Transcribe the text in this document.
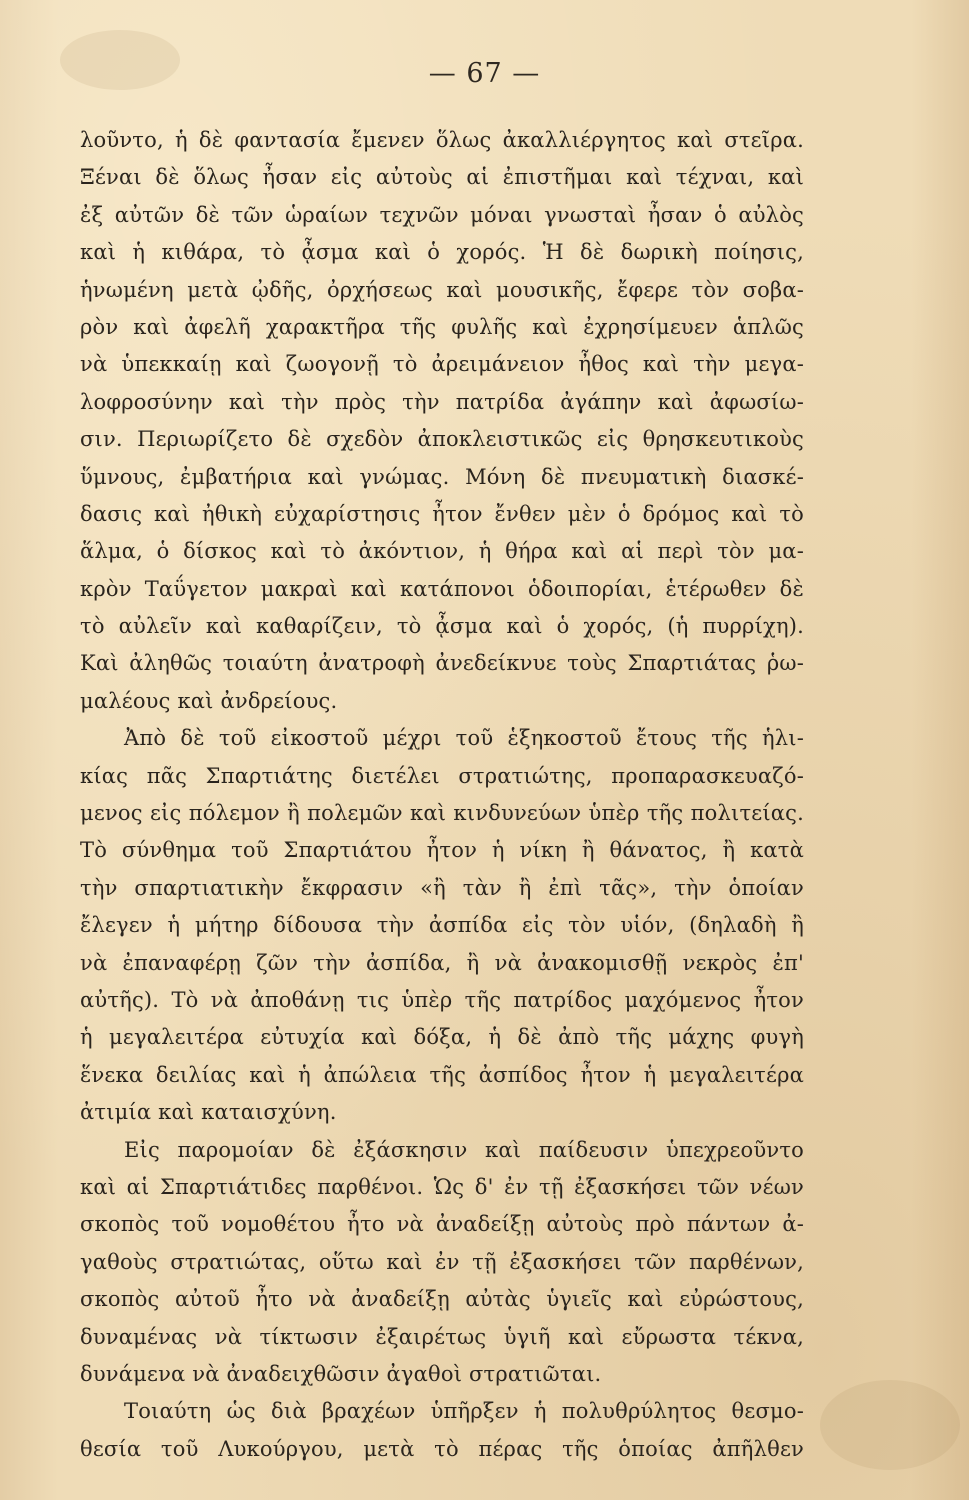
— 67 —
λοῦντο, ἡ δὲ φαντασία ἔμενεν ὅλως ἀκαλλιέργητος καὶ στεῖρα.
Ξέναι δὲ ὅλως ἦσαν εἰς αὐτοὺς αἱ ἐπιστῆμαι καὶ τέχναι, καὶ
ἐξ αὐτῶν δὲ τῶν ὡραίων τεχνῶν μόναι γνωσταὶ ἦσαν ὁ αὐλὸς
καὶ ἡ κιθάρα, τὸ ᾆσμα καὶ ὁ χορός. Ἡ δὲ δωρικὴ ποίησις,
ἡνωμένη μετὰ ᾠδῆς, ὀρχήσεως καὶ μουσικῆς, ἔφερε τὸν σοβα-
ρὸν καὶ ἀφελῆ χαρακτῆρα τῆς φυλῆς καὶ ἐχρησίμευεν ἁπλῶς
νὰ ὑπεκκαίῃ καὶ ζωογονῇ τὸ ἀρειμάνειον ἦθος καὶ τὴν μεγα-
λοφροσύνην καὶ τὴν πρὸς τὴν πατρίδα ἀγάπην καὶ ἀφωσίω-
σιν. Περιωρίζετο δὲ σχεδὸν ἀποκλειστικῶς εἰς θρησκευτικοὺς
ὕμνους, ἐμβατήρια καὶ γνώμας. Μόνη δὲ πνευματικὴ διασκέ-
δασις καὶ ἠθικὴ εὐχαρίστησις ἦτον ἔνθεν μὲν ὁ δρόμος καὶ τὸ
ἅλμα, ὁ δίσκος καὶ τὸ ἀκόντιον, ἡ θήρα καὶ αἱ περὶ τὸν μα-
κρὸν Ταΰγετον μακραὶ καὶ κατάπονοι ὁδοιπορίαι, ἑτέρωθεν δὲ
τὸ αὐλεῖν καὶ καθαρίζειν, τὸ ᾆσμα καὶ ὁ χορός, (ἡ πυρρίχη).
Καὶ ἀληθῶς τοιαύτη ἀνατροφὴ ἀνεδείκνυε τοὺς Σπαρτιάτας ῥω-
μαλέους καὶ ἀνδρείους.
Ἀπὸ δὲ τοῦ εἰκοστοῦ μέχρι τοῦ ἑξηκοστοῦ ἔτους τῆς ἡλι-
κίας πᾶς Σπαρτιάτης διετέλει στρατιώτης, προπαρασκευαζό-
μενος εἰς πόλεμον ἢ πολεμῶν καὶ κινδυνεύων ὑπὲρ τῆς πολιτείας.
Τὸ σύνθημα τοῦ Σπαρτιάτου ἦτον ἡ νίκη ἢ θάνατος, ἢ κατὰ
τὴν σπαρτιατικὴν ἔκφρασιν «ἢ τὰν ἢ ἐπὶ τᾶς», τὴν ὁποίαν
ἔλεγεν ἡ μήτηρ δίδουσα τὴν ἀσπίδα εἰς τὸν υἱόν, (δηλαδὴ ἢ
νὰ ἐπαναφέρῃ ζῶν τὴν ἀσπίδα, ἢ νὰ ἀνακομισθῇ νεκρὸς ἐπ'
αὐτῆς). Τὸ νὰ ἀποθάνῃ τις ὑπὲρ τῆς πατρίδος μαχόμενος ἦτον
ἡ μεγαλειτέρα εὐτυχία καὶ δόξα, ἡ δὲ ἀπὸ τῆς μάχης φυγὴ
ἕνεκα δειλίας καὶ ἡ ἀπώλεια τῆς ἀσπίδος ἦτον ἡ μεγαλειτέρα
ἀτιμία καὶ καταισχύνη.
Εἰς παρομοίαν δὲ ἐξάσκησιν καὶ παίδευσιν ὑπεχρεοῦντο
καὶ αἱ Σπαρτιάτιδες παρθένοι. Ὡς δ' ἐν τῇ ἐξασκήσει τῶν νέων
σκοπὸς τοῦ νομοθέτου ἦτο νὰ ἀναδείξῃ αὐτοὺς πρὸ πάντων ἀ-
γαθοὺς στρατιώτας, οὕτω καὶ ἐν τῇ ἐξασκήσει τῶν παρθένων,
σκοπὸς αὐτοῦ ἦτο νὰ ἀναδείξῃ αὐτὰς ὑγιεῖς καὶ εὐρώστους,
δυναμένας νὰ τίκτωσιν ἐξαιρέτως ὑγιῆ καὶ εὔρωστα τέκνα,
δυνάμενα νὰ ἀναδειχθῶσιν ἀγαθοὶ στρατιῶται.
Τοιαύτη ὡς διὰ βραχέων ὑπῆρξεν ἡ πολυθρύλητος θεσμο-
θεσία τοῦ Λυκούργου, μετὰ τὸ πέρας τῆς ὁποίας ἀπῆλθεν
